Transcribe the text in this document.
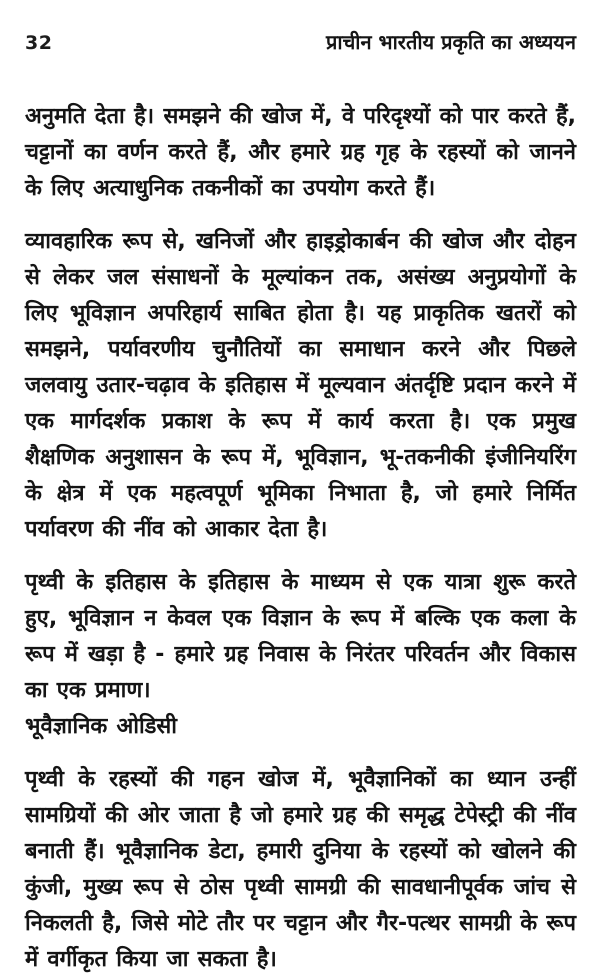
32	प्राचीन भारतीय प्रकृति का अध्ययन

अनुमति देता है। समझने की खोज में, वे परिदृश्यों को पार करते हैं, चट्टानों का वर्णन करते हैं, और हमारे ग्रह गृह के रहस्यों को जानने के लिए अत्याधुनिक तकनीकों का उपयोग करते हैं।

व्यावहारिक रूप से, खनिजों और हाइड्रोकार्बन की खोज और दोहन से लेकर जल संसाधनों के मूल्यांकन तक, असंख्य अनुप्रयोगों के लिए भूविज्ञान अपरिहार्य साबित होता है। यह प्राकृतिक खतरों को समझने, पर्यावरणीय चुनौतियों का समाधान करने और पिछले जलवायु उतार-चढ़ाव के इतिहास में मूल्यवान अंतर्दृष्टि प्रदान करने में एक मार्गदर्शक प्रकाश के रूप में कार्य करता है। एक प्रमुख शैक्षणिक अनुशासन के रूप में, भूविज्ञान, भू-तकनीकी इंजीनियरिंग के क्षेत्र में एक महत्वपूर्ण भूमिका निभाता है, जो हमारे निर्मित पर्यावरण की नींव को आकार देता है।

पृथ्वी के इतिहास के इतिहास के माध्यम से एक यात्रा शुरू करते हुए, भूविज्ञान न केवल एक विज्ञान के रूप में बल्कि एक कला के रूप में खड़ा है - हमारे ग्रह निवास के निरंतर परिवर्तन और विकास का एक प्रमाण।

भूवैज्ञानिक ओडिसी

पृथ्वी के रहस्यों की गहन खोज में, भूवैज्ञानिकों का ध्यान उन्हीं सामग्रियों की ओर जाता है जो हमारे ग्रह की समृद्ध टेपेस्ट्री की नींव बनाती हैं। भूवैज्ञानिक डेटा, हमारी दुनिया के रहस्यों को खोलने की कुंजी, मुख्य रूप से ठोस पृथ्वी सामग्री की सावधानीपूर्वक जांच से निकलती है, जिसे मोटे तौर पर चट्टान और गैर-पत्थर सामग्री के रूप में वर्गीकृत किया जा सकता है।
